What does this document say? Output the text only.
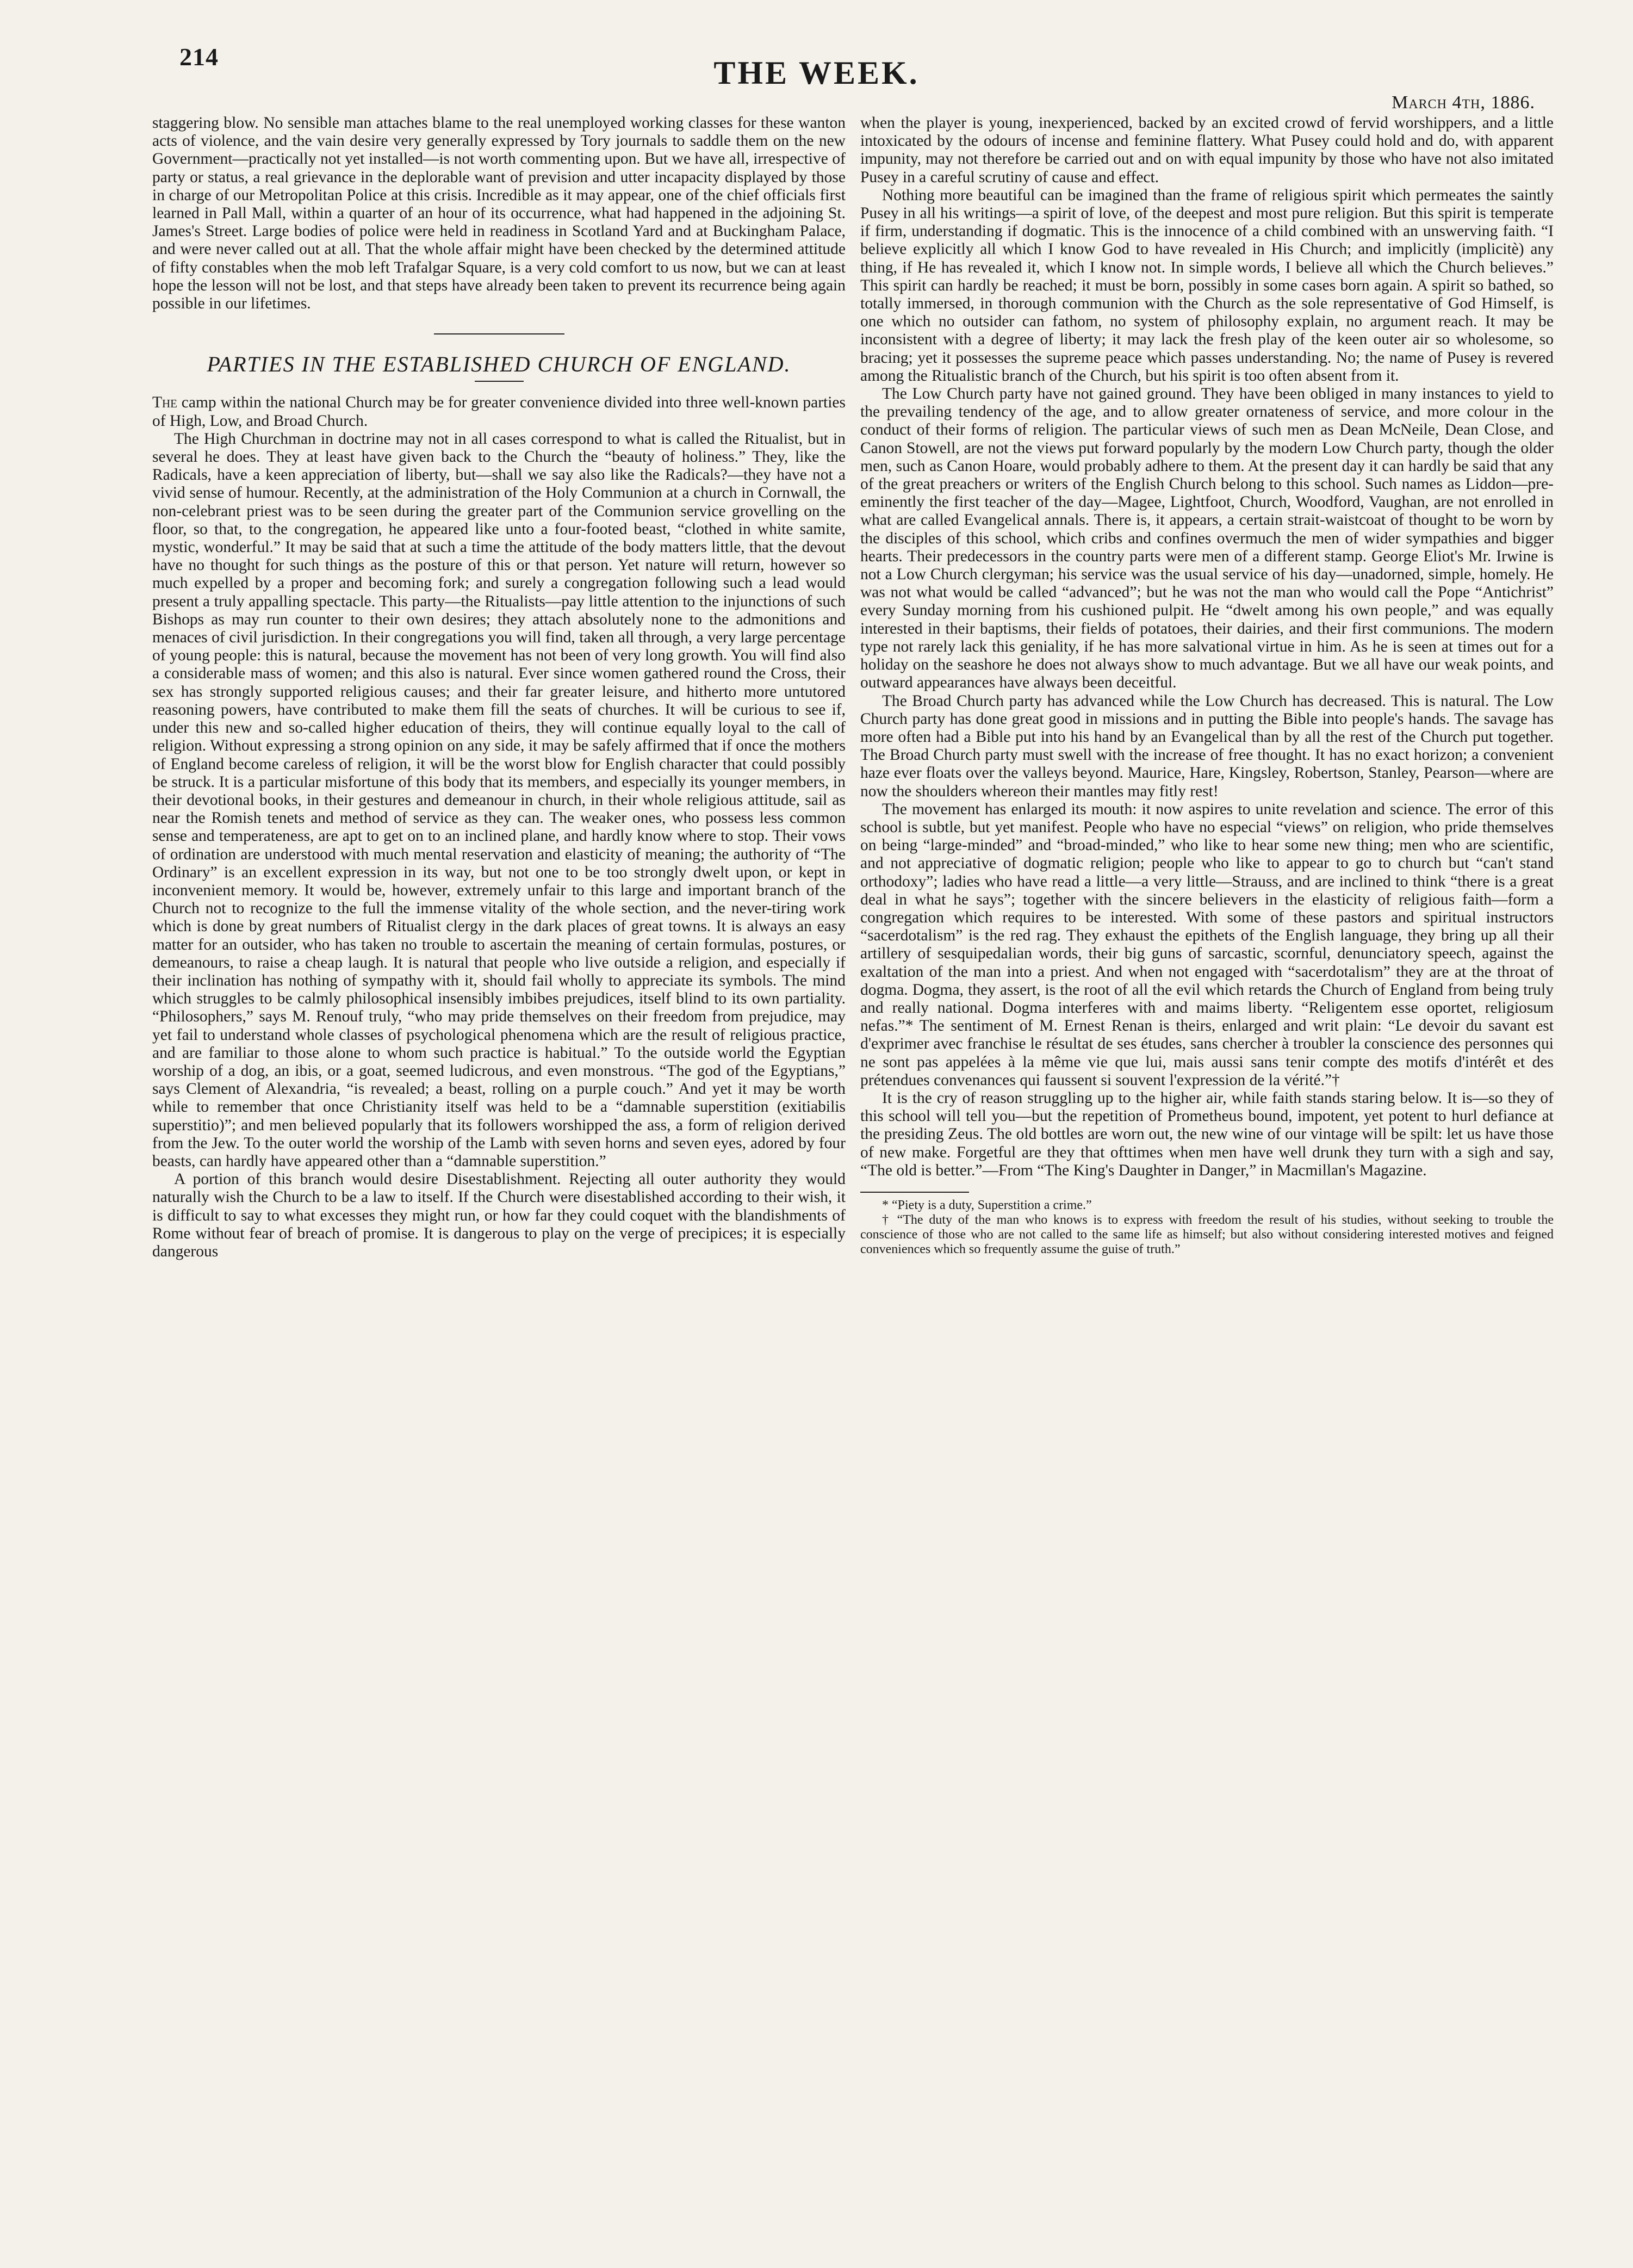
214	THE WEEK.
March 4th, 1886.

staggering blow. No sensible man attaches blame to the real unemployed working classes for these wanton acts of violence, and the vain desire very generally expressed by Tory journals to saddle them on the new Government—practically not yet installed—is not worth commenting upon. But we have all, irrespective of party or status, a real grievance in the deplorable want of prevision and utter incapacity displayed by those in charge of our Metropolitan Police at this crisis. Incredible as it may appear, one of the chief officials first learned in Pall Mall, within a quarter of an hour of its occurrence, what had happened in the adjoining St. James's Street. Large bodies of police were held in readiness in Scotland Yard and at Buckingham Palace, and were never called out at all. That the whole affair might have been checked by the determined attitude of fifty constables when the mob left Trafalgar Square, is a very cold comfort to us now, but we can at least hope the lesson will not be lost, and that steps have already been taken to prevent its recurrence being again possible in our lifetimes.

PARTIES IN THE ESTABLISHED CHURCH OF ENGLAND.

The camp within the national Church may be for greater convenience divided into three well-known parties of High, Low, and Broad Church.

The High Churchman in doctrine may not in all cases correspond to what is called the Ritualist, but in several he does. They at least have given back to the Church the “beauty of holiness.” They, like the Radicals, have a keen appreciation of liberty, but—shall we say also like the Radicals?—they have not a vivid sense of humour. Recently, at the administration of the Holy Communion at a church in Cornwall, the non-celebrant priest was to be seen during the greater part of the Communion service grovelling on the floor, so that, to the congregation, he appeared like unto a four-footed beast, “clothed in white samite, mystic, wonderful.” It may be said that at such a time the attitude of the body matters little, that the devout have no thought for such things as the posture of this or that person. Yet nature will return, however so much expelled by a proper and becoming fork; and surely a congregation following such a lead would present a truly appalling spectacle. This party—the Ritualists—pay little attention to the injunctions of such Bishops as may run counter to their own desires; they attach absolutely none to the admonitions and menaces of civil jurisdiction. In their congregations you will find, taken all through, a very large percentage of young people: this is natural, because the movement has not been of very long growth. You will find also a considerable mass of women; and this also is natural. Ever since women gathered round the Cross, their sex has strongly supported religious causes; and their far greater leisure, and hitherto more untutored reasoning powers, have contributed to make them fill the seats of churches. It will be curious to see if, under this new and so-called higher education of theirs, they will continue equally loyal to the call of religion. Without expressing a strong opinion on any side, it may be safely affirmed that if once the mothers of England become careless of religion, it will be the worst blow for English character that could possibly be struck. It is a particular misfortune of this body that its members, and especially its younger members, in their devotional books, in their gestures and demeanour in church, in their whole religious attitude, sail as near the Romish tenets and method of service as they can. The weaker ones, who possess less common sense and temperateness, are apt to get on to an inclined plane, and hardly know where to stop. Their vows of ordination are understood with much mental reservation and elasticity of meaning; the authority of “The Ordinary” is an excellent expression in its way, but not one to be too strongly dwelt upon, or kept in inconvenient memory. It would be, however, extremely unfair to this large and important branch of the Church not to recognize to the full the immense vitality of the whole section, and the never-tiring work which is done by great numbers of Ritualist clergy in the dark places of great towns. It is always an easy matter for an outsider, who has taken no trouble to ascertain the meaning of certain formulas, postures, or demeanours, to raise a cheap laugh. It is natural that people who live outside a religion, and especially if their inclination has nothing of sympathy with it, should fail wholly to appreciate its symbols. The mind which struggles to be calmly philosophical insensibly imbibes prejudices, itself blind to its own partiality. “Philosophers,” says M. Renouf truly, “who may pride themselves on their freedom from prejudice, may yet fail to understand whole classes of psychological phenomena which are the result of religious practice, and are familiar to those alone to whom such practice is habitual.” To the outside world the Egyptian worship of a dog, an ibis, or a goat, seemed ludicrous, and even monstrous. “The god of the Egyptians,” says Clement of Alexandria, “is revealed; a beast, rolling on a purple couch.” And yet it may be worth while to remember that once Christianity itself was held to be a “damnable superstition (exitiabilis superstitio)”; and men believed popularly that its followers worshipped the ass, a form of religion derived from the Jew. To the outer world the worship of the Lamb with seven horns and seven eyes, adored by four beasts, can hardly have appeared other than a “damnable superstition.”

A portion of this branch would desire Disestablishment. Rejecting all outer authority they would naturally wish the Church to be a law to itself. If the Church were disestablished according to their wish, it is difficult to say to what excesses they might run, or how far they could coquet with the blandishments of Rome without fear of breach of promise. It is dangerous to play on the verge of precipices; it is especially dangerous

when the player is young, inexperienced, backed by an excited crowd of fervid worshippers, and a little intoxicated by the odours of incense and feminine flattery. What Pusey could hold and do, with apparent impunity, may not therefore be carried out and on with equal impunity by those who have not also imitated Pusey in a careful scrutiny of cause and effect.

Nothing more beautiful can be imagined than the frame of religious spirit which permeates the saintly Pusey in all his writings—a spirit of love, of the deepest and most pure religion. But this spirit is temperate if firm, understanding if dogmatic. This is the innocence of a child combined with an unswerving faith. “I believe explicitly all which I know God to have revealed in His Church; and implicitly (implicitè) any thing, if He has revealed it, which I know not. In simple words, I believe all which the Church believes.” This spirit can hardly be reached; it must be born, possibly in some cases born again. A spirit so bathed, so totally immersed, in thorough communion with the Church as the sole representative of God Himself, is one which no outsider can fathom, no system of philosophy explain, no argument reach. It may be inconsistent with a degree of liberty; it may lack the fresh play of the keen outer air so wholesome, so bracing; yet it possesses the supreme peace which passes understanding. No; the name of Pusey is revered among the Ritualistic branch of the Church, but his spirit is too often absent from it.

The Low Church party have not gained ground. They have been obliged in many instances to yield to the prevailing tendency of the age, and to allow greater ornateness of service, and more colour in the conduct of their forms of religion. The particular views of such men as Dean McNeile, Dean Close, and Canon Stowell, are not the views put forward popularly by the modern Low Church party, though the older men, such as Canon Hoare, would probably adhere to them. At the present day it can hardly be said that any of the great preachers or writers of the English Church belong to this school. Such names as Liddon—pre-eminently the first teacher of the day—Magee, Lightfoot, Church, Woodford, Vaughan, are not enrolled in what are called Evangelical annals. There is, it appears, a certain strait-waistcoat of thought to be worn by the disciples of this school, which cribs and confines overmuch the men of wider sympathies and bigger hearts. Their predecessors in the country parts were men of a different stamp. George Eliot's Mr. Irwine is not a Low Church clergyman; his service was the usual service of his day—unadorned, simple, homely. He was not what would be called “advanced”; but he was not the man who would call the Pope “Antichrist” every Sunday morning from his cushioned pulpit. He “dwelt among his own people,” and was equally interested in their baptisms, their fields of potatoes, their dairies, and their first communions. The modern type not rarely lack this geniality, if he has more salvational virtue in him. As he is seen at times out for a holiday on the seashore he does not always show to much advantage. But we all have our weak points, and outward appearances have always been deceitful.

The Broad Church party has advanced while the Low Church has decreased. This is natural. The Low Church party has done great good in missions and in putting the Bible into people's hands. The savage has more often had a Bible put into his hand by an Evangelical than by all the rest of the Church put together. The Broad Church party must swell with the increase of free thought. It has no exact horizon; a convenient haze ever floats over the valleys beyond. Maurice, Hare, Kingsley, Robertson, Stanley, Pearson—where are now the shoulders whereon their mantles may fitly rest!

The movement has enlarged its mouth: it now aspires to unite revelation and science. The error of this school is subtle, but yet manifest. People who have no especial “views” on religion, who pride themselves on being “large-minded” and “broad-minded,” who like to hear some new thing; men who are scientific, and not appreciative of dogmatic religion; people who like to appear to go to church but “can't stand orthodoxy”; ladies who have read a little—a very little—Strauss, and are inclined to think “there is a great deal in what he says”; together with the sincere believers in the elasticity of religious faith—form a congregation which requires to be interested. With some of these pastors and spiritual instructors “sacerdotalism” is the red rag. They exhaust the epithets of the English language, they bring up all their artillery of sesquipedalian words, their big guns of sarcastic, scornful, denunciatory speech, against the exaltation of the man into a priest. And when not engaged with “sacerdotalism” they are at the throat of dogma. Dogma, they assert, is the root of all the evil which retards the Church of England from being truly and really national. Dogma interferes with and maims liberty. “Religentem esse oportet, religiosum nefas.”* The sentiment of M. Ernest Renan is theirs, enlarged and writ plain: “Le devoir du savant est d'exprimer avec franchise le résultat de ses études, sans chercher à troubler la conscience des personnes qui ne sont pas appelées à la même vie que lui, mais aussi sans tenir compte des motifs d'intérêt et des prétendues convenances qui faussent si souvent l'expression de la vérité.”†

It is the cry of reason struggling up to the higher air, while faith stands staring below. It is—so they of this school will tell you—but the repetition of Prometheus bound, impotent, yet potent to hurl defiance at the presiding Zeus. The old bottles are worn out, the new wine of our vintage will be spilt: let us have those of new make. Forgetful are they that ofttimes when men have well drunk they turn with a sigh and say, “The old is better.”—From “The King's Daughter in Danger,” in Macmillan's Magazine.

* “Piety is a duty, Superstition a crime.”

† “The duty of the man who knows is to express with freedom the result of his studies, without seeking to trouble the conscience of those who are not called to the same life as himself; but also without considering interested motives and feigned conveniences which so frequently assume the guise of truth.”
